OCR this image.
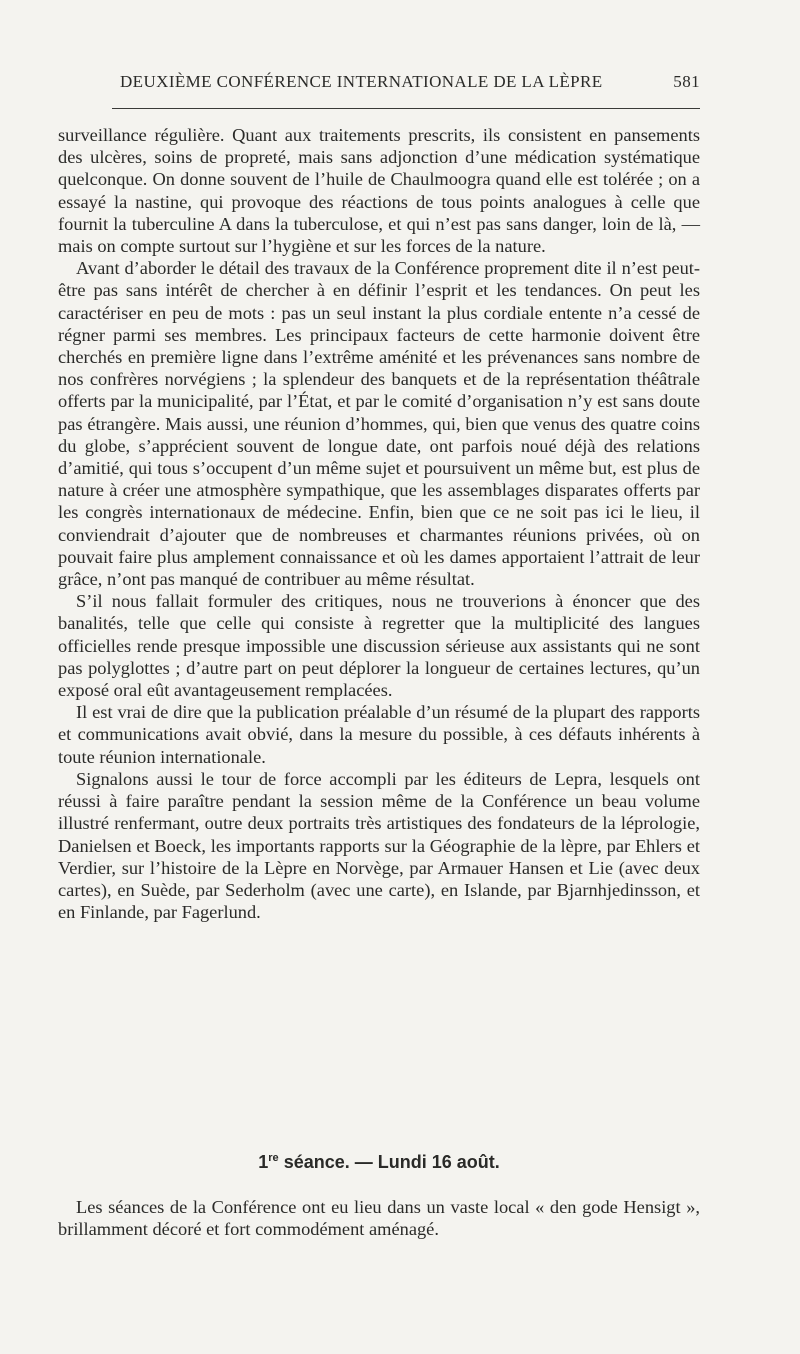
DEUXIÈME CONFÉRENCE INTERNATIONALE DE LA LÈPRE	581

surveillance régulière. Quant aux traitements prescrits, ils consistent en pansements des ulcères, soins de propreté, mais sans adjonction d’une médication systématique quelconque. On donne souvent de l’huile de Chaulmoogra quand elle est tolérée ; on a essayé la nastine, qui provoque des réactions de tous points analogues à celle que fournit la tuberculine A dans la tuberculose, et qui n’est pas sans danger, loin de là, — mais on compte surtout sur l’hygiène et sur les forces de la nature.

Avant d’aborder le détail des travaux de la Conférence proprement dite il n’est peut-être pas sans intérêt de chercher à en définir l’esprit et les tendances. On peut les caractériser en peu de mots : pas un seul instant la plus cordiale entente n’a cessé de régner parmi ses membres. Les principaux facteurs de cette harmonie doivent être cherchés en première ligne dans l’extrême aménité et les prévenances sans nombre de nos confrères norvégiens ; la splendeur des banquets et de la représentation théâtrale offerts par la municipalité, par l’État, et par le comité d’organisation n’y est sans doute pas étrangère. Mais aussi, une réunion d’hommes, qui, bien que venus des quatre coins du globe, s’apprécient souvent de longue date, ont parfois noué déjà des relations d’amitié, qui tous s’occupent d’un même sujet et poursuivent un même but, est plus de nature à créer une atmosphère sympathique, que les assemblages disparates offerts par les congrès internationaux de médecine. Enfin, bien que ce ne soit pas ici le lieu, il conviendrait d’ajouter que de nombreuses et charmantes réunions privées, où on pouvait faire plus amplement connaissance et où les dames apportaient l’attrait de leur grâce, n’ont pas manqué de contribuer au même résultat.

S’il nous fallait formuler des critiques, nous ne trouverions à énoncer que des banalités, telle que celle qui consiste à regretter que la multiplicité des langues officielles rende presque impossible une discussion sérieuse aux assistants qui ne sont pas polyglottes ; d’autre part on peut déplorer la longueur de certaines lectures, qu’un exposé oral eût avantageusement remplacées.

Il est vrai de dire que la publication préalable d’un résumé de la plupart des rapports et communications avait obvié, dans la mesure du possible, à ces défauts inhérents à toute réunion internationale.

Signalons aussi le tour de force accompli par les éditeurs de Lepra, lesquels ont réussi à faire paraître pendant la session même de la Conférence un beau volume illustré renfermant, outre deux portraits très artistiques des fondateurs de la léprologie, Danielsen et Boeck, les importants rapports sur la Géographie de la lèpre, par Ehlers et Verdier, sur l’histoire de la Lèpre en Norvège, par Armauer Hansen et Lie (avec deux cartes), en Suède, par Sederholm (avec une carte), en Islande, par Bjarnhjedinsson, et en Finlande, par Fagerlund.

1re séance. — Lundi 16 août.

Les séances de la Conférence ont eu lieu dans un vaste local « den gode Hensigt », brillamment décoré et fort commodément aménagé.
